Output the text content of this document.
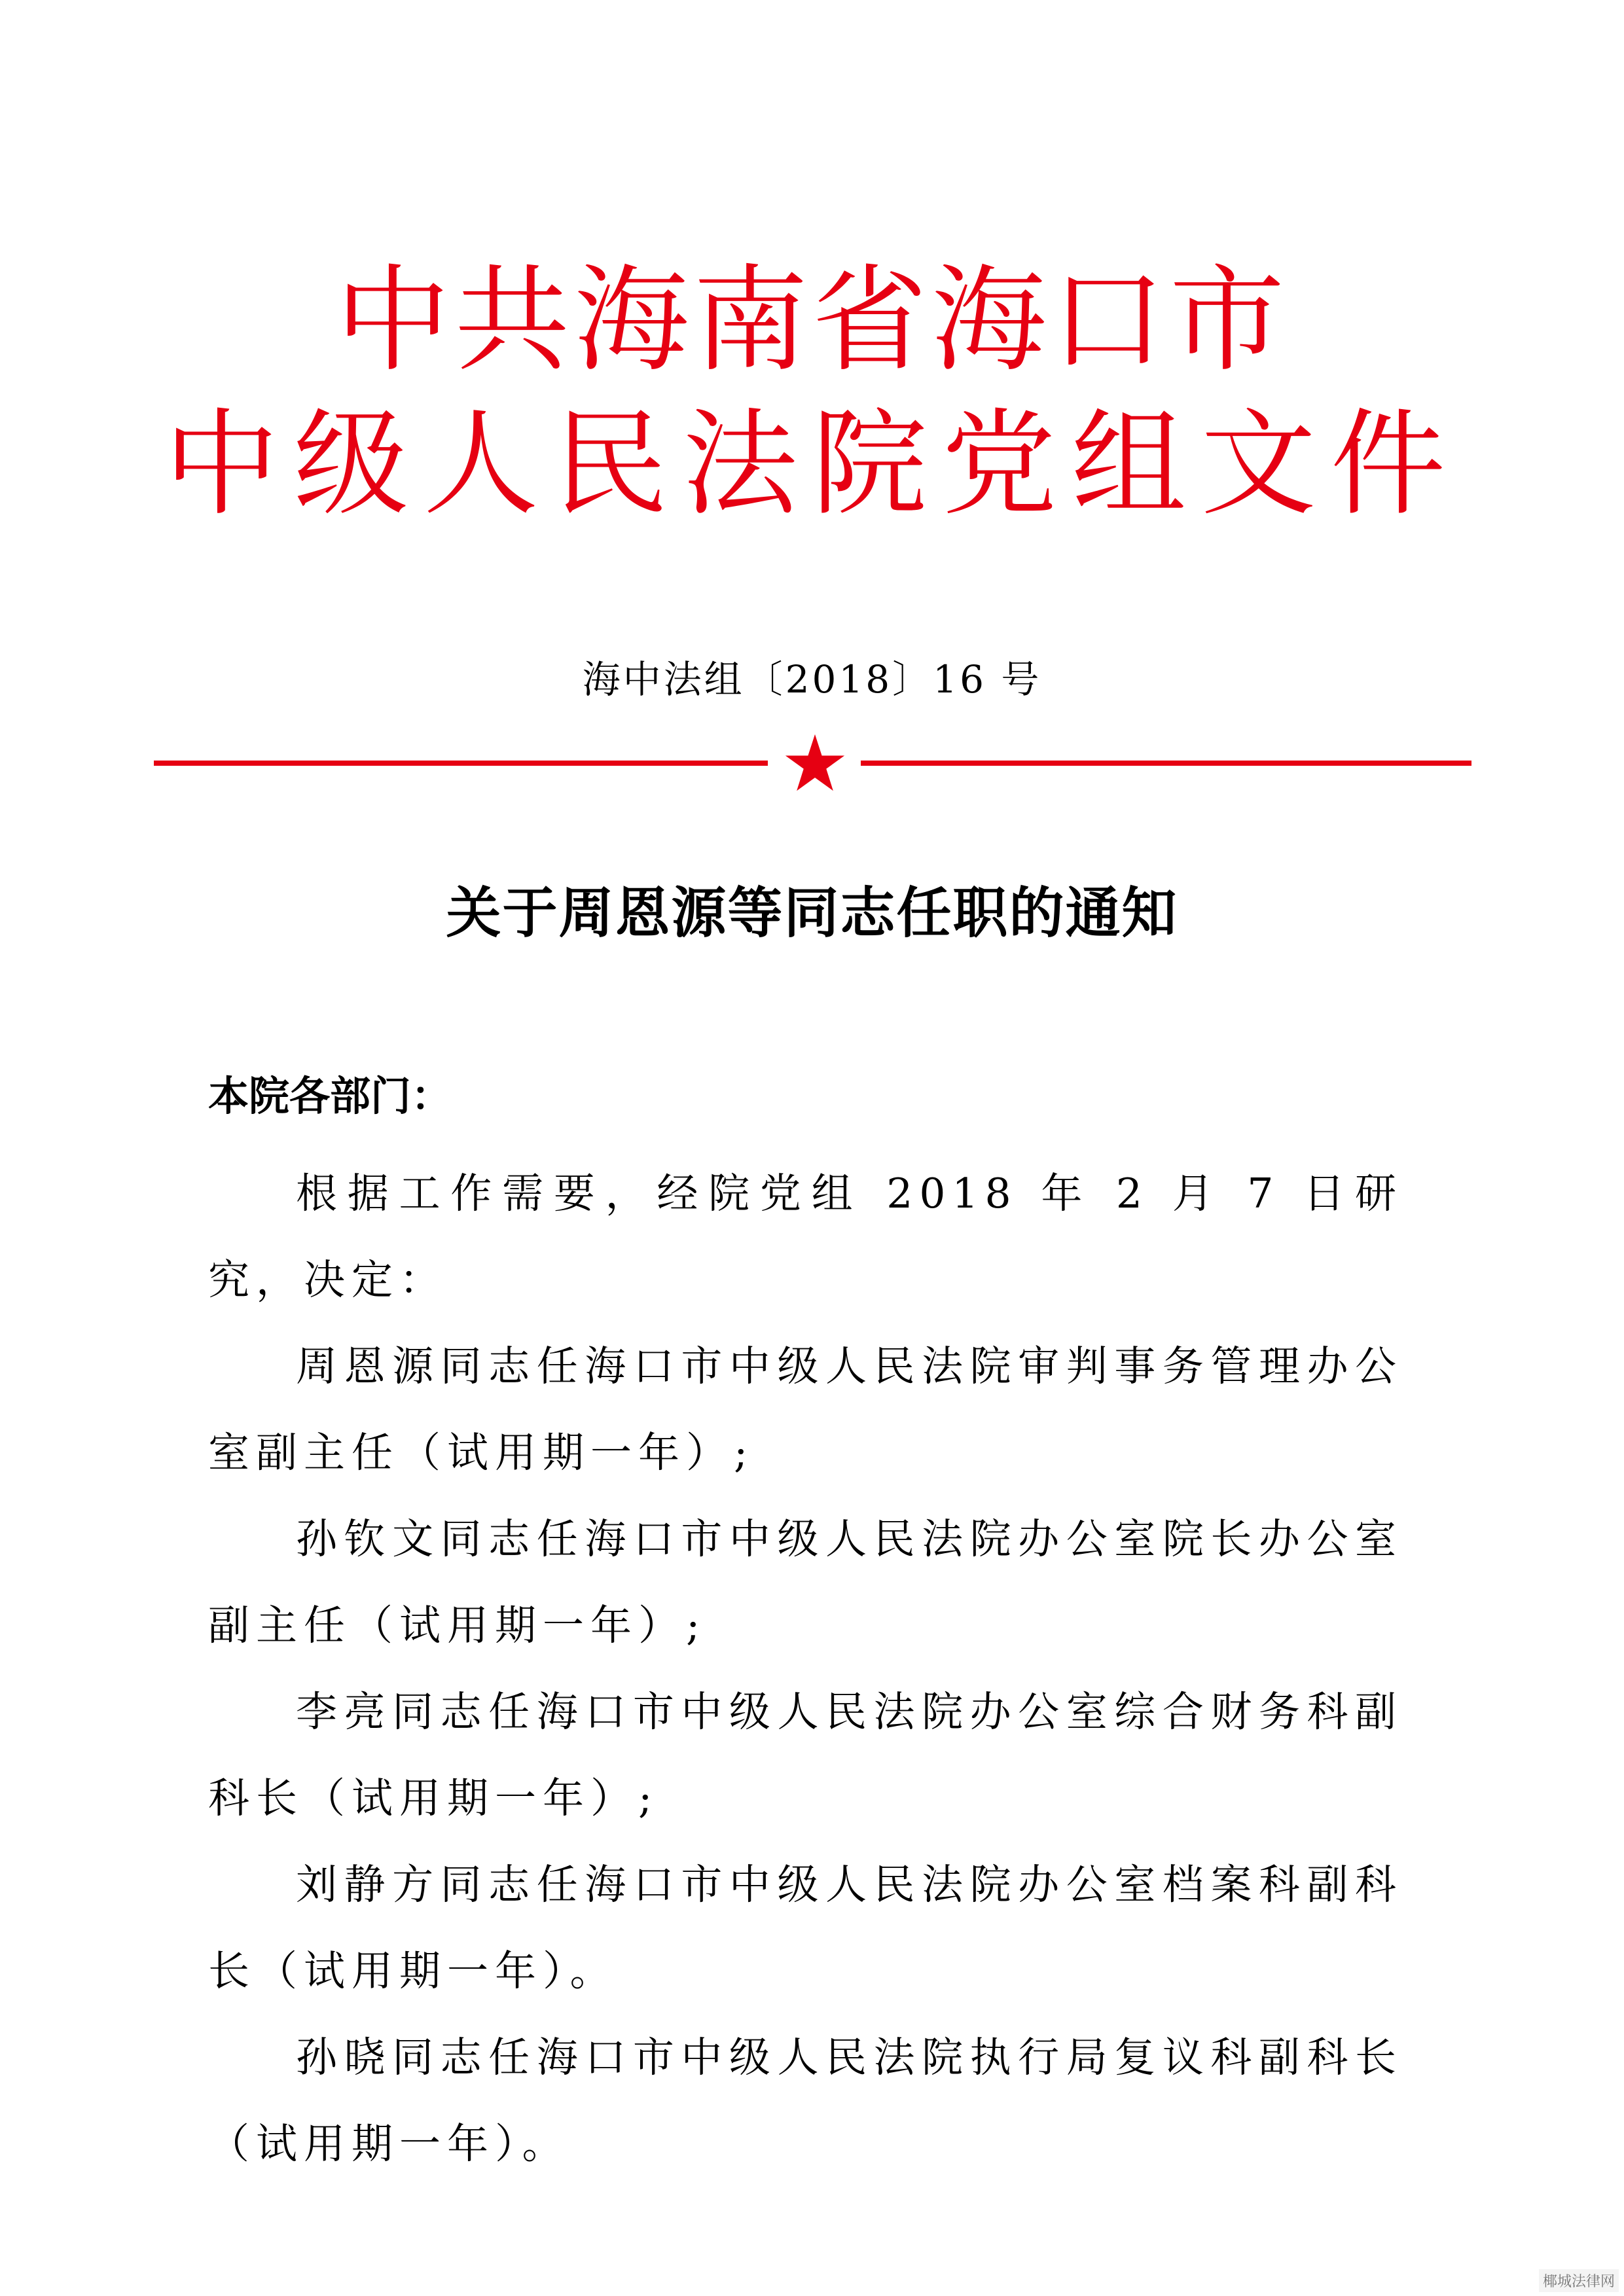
中共海南省海口市
中级人民法院党组文件
海中法组〔2018〕16 号
关于周恩源等同志任职的通知
本院各部门：

根据工作需要，经院党组 2018 年 2 月 7 日研究，决定：

周恩源同志任海口市中级人民法院审判事务管理办公室副主任（试用期一年）;

孙钦文同志任海口市中级人民法院办公室院长办公室副主任（试用期一年）;

李亮同志任海口市中级人民法院办公室综合财务科副科长（试用期一年）;

刘静方同志任海口市中级人民法院办公室档案科副科长（试用期一年）。

孙晓同志任海口市中级人民法院执行局复议科副科长（试用期一年）。

椰城法律网
